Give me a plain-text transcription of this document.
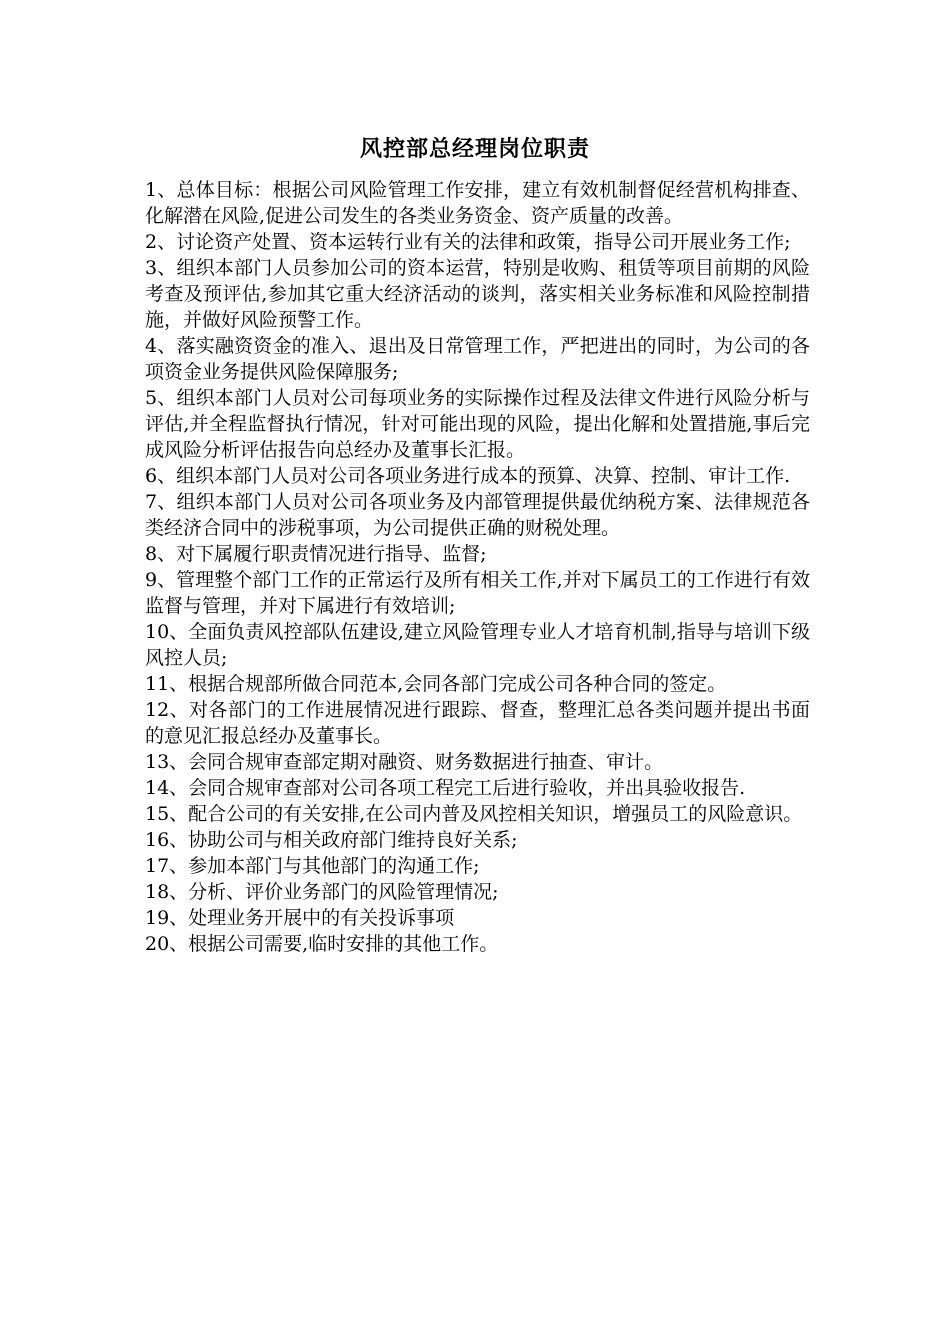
风控部总经理岗位职责

1、总体目标：根据公司风险管理工作安排，建立有效机制督促经营机构排查、化解潜在风险,促进公司发生的各类业务资金、资产质量的改善。

2、讨论资产处置、资本运转行业有关的法律和政策，指导公司开展业务工作;

3、组织本部门人员参加公司的资本运营，特别是收购、租赁等项目前期的风险考查及预评估,参加其它重大经济活动的谈判，落实相关业务标准和风险控制措施，并做好风险预警工作。

4、落实融资资金的准入、退出及日常管理工作，严把进出的同时，为公司的各项资金业务提供风险保障服务;

5、组织本部门人员对公司每项业务的实际操作过程及法律文件进行风险分析与评估,并全程监督执行情况，针对可能出现的风险，提出化解和处置措施,事后完成风险分析评估报告向总经办及董事长汇报。

6、组织本部门人员对公司各项业务进行成本的预算、决算、控制、审计工作.

7、组织本部门人员对公司各项业务及内部管理提供最优纳税方案、法律规范各类经济合同中的涉税事项，为公司提供正确的财税处理。

8、对下属履行职责情况进行指导、监督;

9、管理整个部门工作的正常运行及所有相关工作,并对下属员工的工作进行有效监督与管理，并对下属进行有效培训;

10、全面负责风控部队伍建设,建立风险管理专业人才培育机制,指导与培训下级风控人员;

11、根据合规部所做合同范本,会同各部门完成公司各种合同的签定。

12、对各部门的工作进展情况进行跟踪、督查，整理汇总各类问题并提出书面的意见汇报总经办及董事长。

13、会同合规审查部定期对融资、财务数据进行抽查、审计。

14、会同合规审查部对公司各项工程完工后进行验收，并出具验收报告.

15、配合公司的有关安排,在公司内普及风控相关知识，增强员工的风险意识。

16、协助公司与相关政府部门维持良好关系;

17、参加本部门与其他部门的沟通工作;

18、分析、评价业务部门的风险管理情况;

19、处理业务开展中的有关投诉事项

20、根据公司需要,临时安排的其他工作。
